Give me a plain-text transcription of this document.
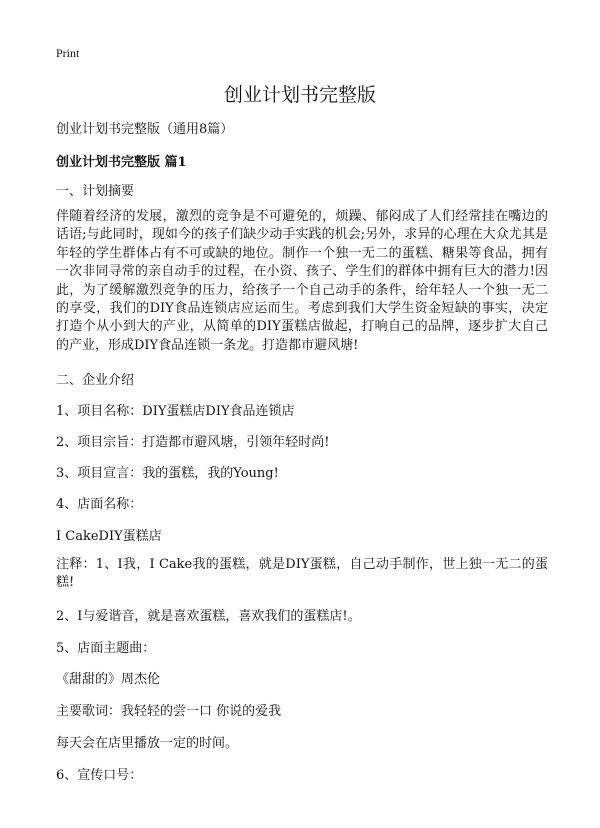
Print
创业计划书完整版
创业计划书完整版（通用8篇）
创业计划书完整版 篇1
一、计划摘要
伴随着经济的发展，激烈的竞争是不可避免的，烦躁、郁闷成了人们经常挂在嘴边的话语;与此同时，现如今的孩子们缺少动手实践的机会;另外，求异的心理在大众尤其是年轻的学生群体占有不可或缺的地位。制作一个独一无二的蛋糕、糖果等食品，拥有一次非同寻常的亲自动手的过程，在小资、孩子、学生们的群体中拥有巨大的潜力!因此，为了缓解激烈竞争的压力，给孩子一个自己动手的条件，给年轻人一个独一无二的享受，我们的DIY食品连锁店应运而生。考虑到我们大学生资金短缺的事实，决定打造个从小到大的产业，从简单的DIY蛋糕店做起，打响自己的品牌，逐步扩大自己的产业，形成DIY食品连锁一条龙。打造都市避风塘!
二、企业介绍
1、项目名称：DIY蛋糕店DIY食品连锁店
2、项目宗旨：打造都市避风塘，引领年轻时尚!
3、项目宣言：我的蛋糕，我的Young!
4、店面名称：
I CakeDIY蛋糕店
注释：1、I我，I Cake我的蛋糕，就是DIY蛋糕，自己动手制作，世上独一无二的蛋糕!
2、I与爱谐音，就是喜欢蛋糕，喜欢我们的蛋糕店!。
5、店面主题曲：
《甜甜的》周杰伦
主要歌词：我轻轻的尝一口 你说的爱我
每天会在店里播放一定的时间。
6、宣传口号：
